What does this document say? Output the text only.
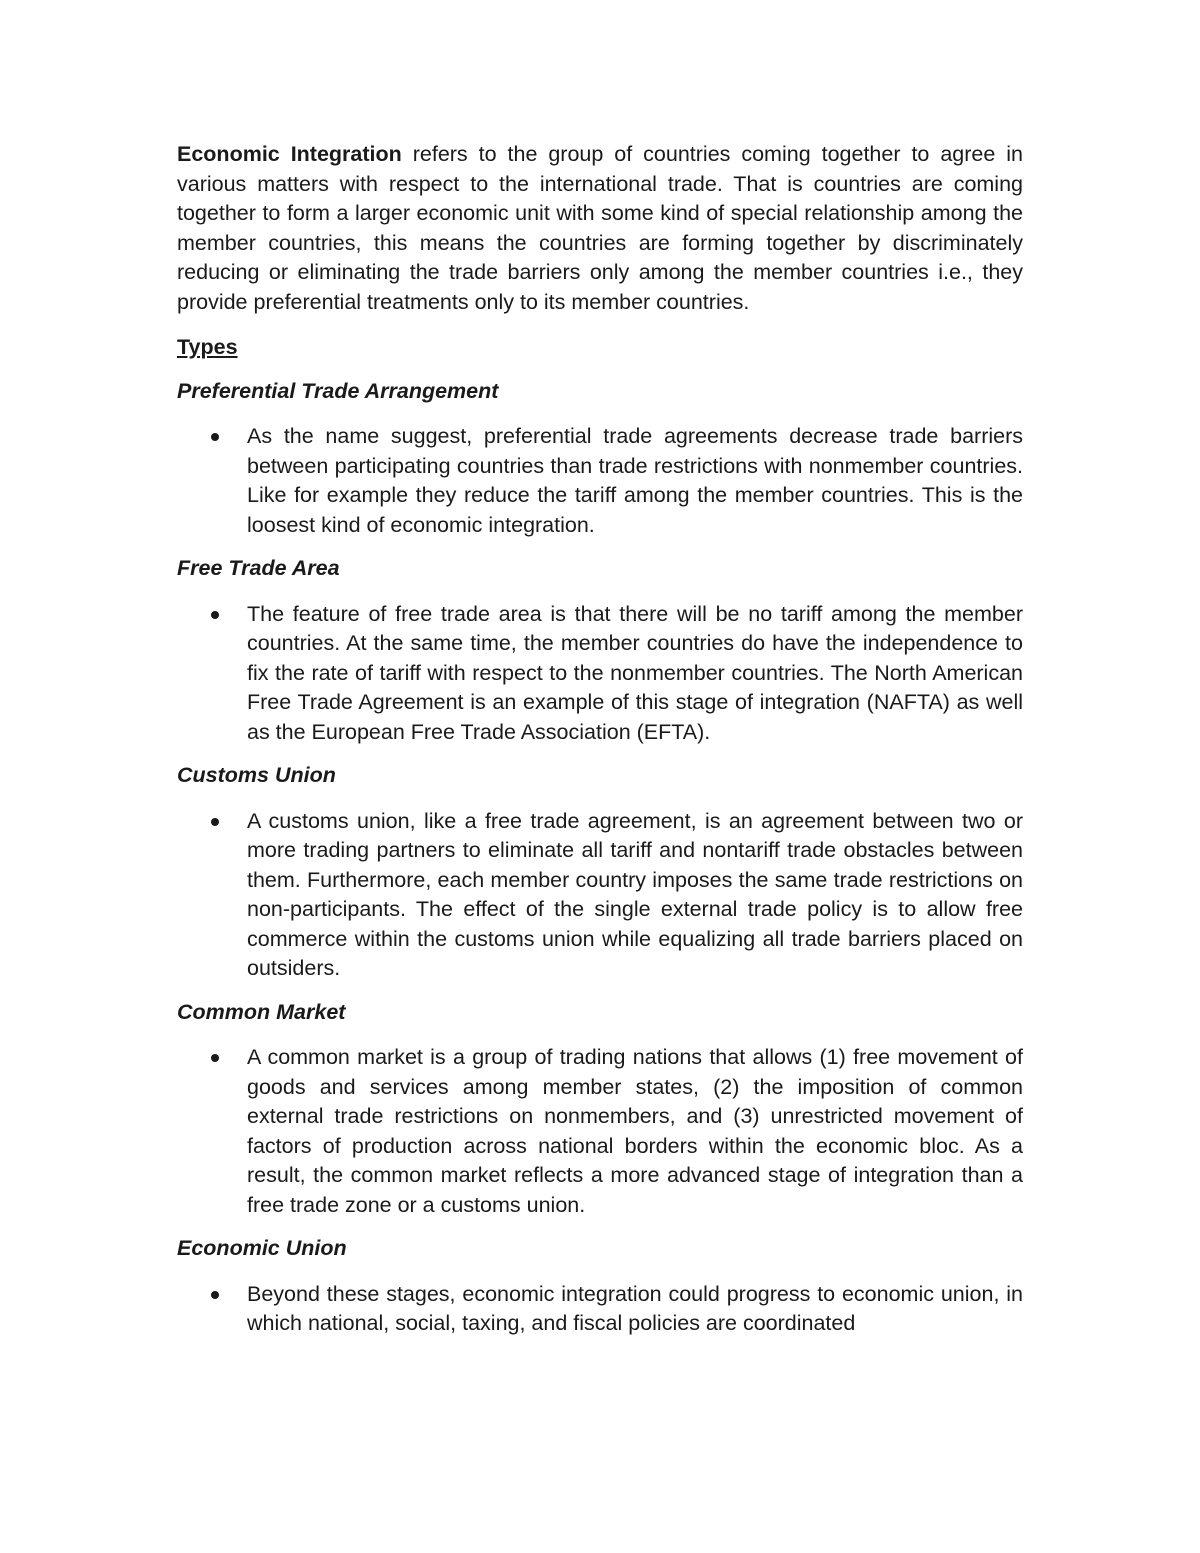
Economic Integration refers to the group of countries coming together to agree in various matters with respect to the international trade. That is countries are coming together to form a larger economic unit with some kind of special relationship among the member countries, this means the countries are forming together by discriminately reducing or eliminating the trade barriers only among the member countries i.e., they provide preferential treatments only to its member countries.

Types
Preferential Trade Arrangement
As the name suggest, preferential trade agreements decrease trade barriers between participating countries than trade restrictions with nonmember countries. Like for example they reduce the tariff among the member countries. This is the loosest kind of economic integration.
Free Trade Area
The feature of free trade area is that there will be no tariff among the member countries. At the same time, the member countries do have the independence to fix the rate of tariff with respect to the nonmember countries. The North American Free Trade Agreement is an example of this stage of integration (NAFTA) as well as the European Free Trade Association (EFTA).
Customs Union
A customs union, like a free trade agreement, is an agreement between two or more trading partners to eliminate all tariff and nontariff trade obstacles between them. Furthermore, each member country imposes the same trade restrictions on non-participants. The effect of the single external trade policy is to allow free commerce within the customs union while equalizing all trade barriers placed on outsiders.
Common Market
A common market is a group of trading nations that allows (1) free movement of goods and services among member states, (2) the imposition of common external trade restrictions on nonmembers, and (3) unrestricted movement of factors of production across national borders within the economic bloc. As a result, the common market reflects a more advanced stage of integration than a free trade zone or a customs union.
Economic Union
Beyond these stages, economic integration could progress to economic union, in which national, social, taxing, and fiscal policies are coordinated
